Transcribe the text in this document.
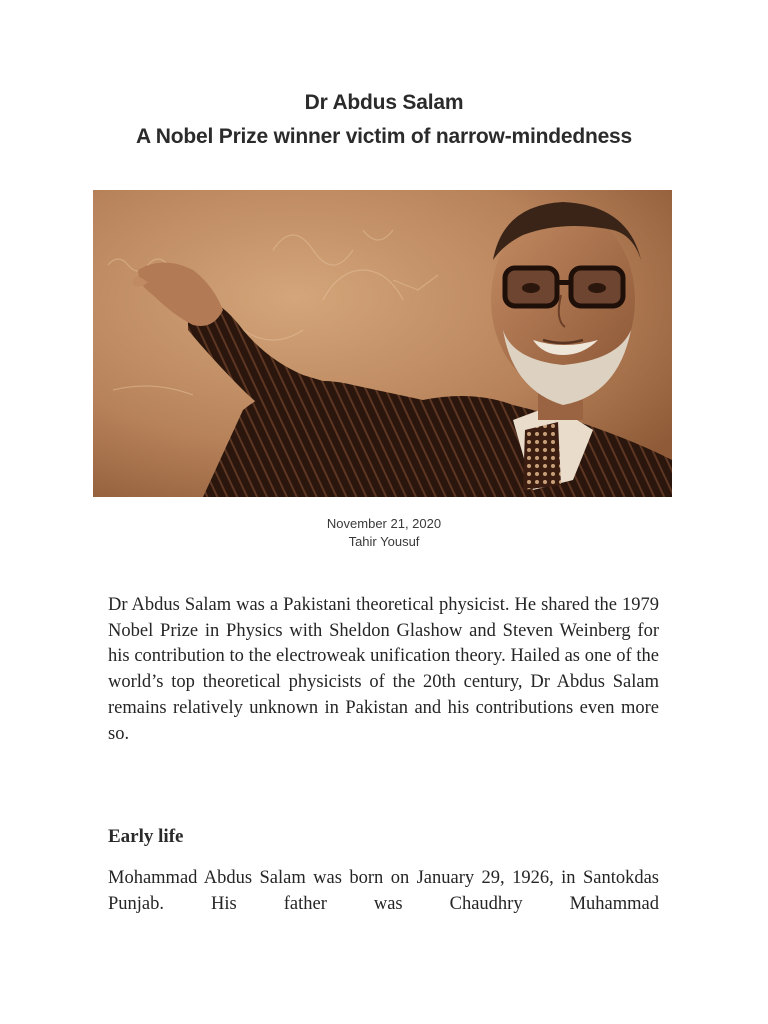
Dr Abdus Salam

A Nobel Prize winner victim of narrow-mindedness

November 21, 2020
Tahir Yousuf

Dr Abdus Salam was a Pakistani theoretical physicist. He shared the 1979 Nobel Prize in Physics with Sheldon Glashow and Steven Weinberg for his contribution to the electroweak unification theory. Hailed as one of the world’s top theoretical physicists of the 20th century, Dr Abdus Salam remains relatively unknown in Pakistan and his contributions even more so.

Early life

Mohammad Abdus Salam was born on January 29, 1926, in Santokdas Punjab. His father was Chaudhry Muhammad
